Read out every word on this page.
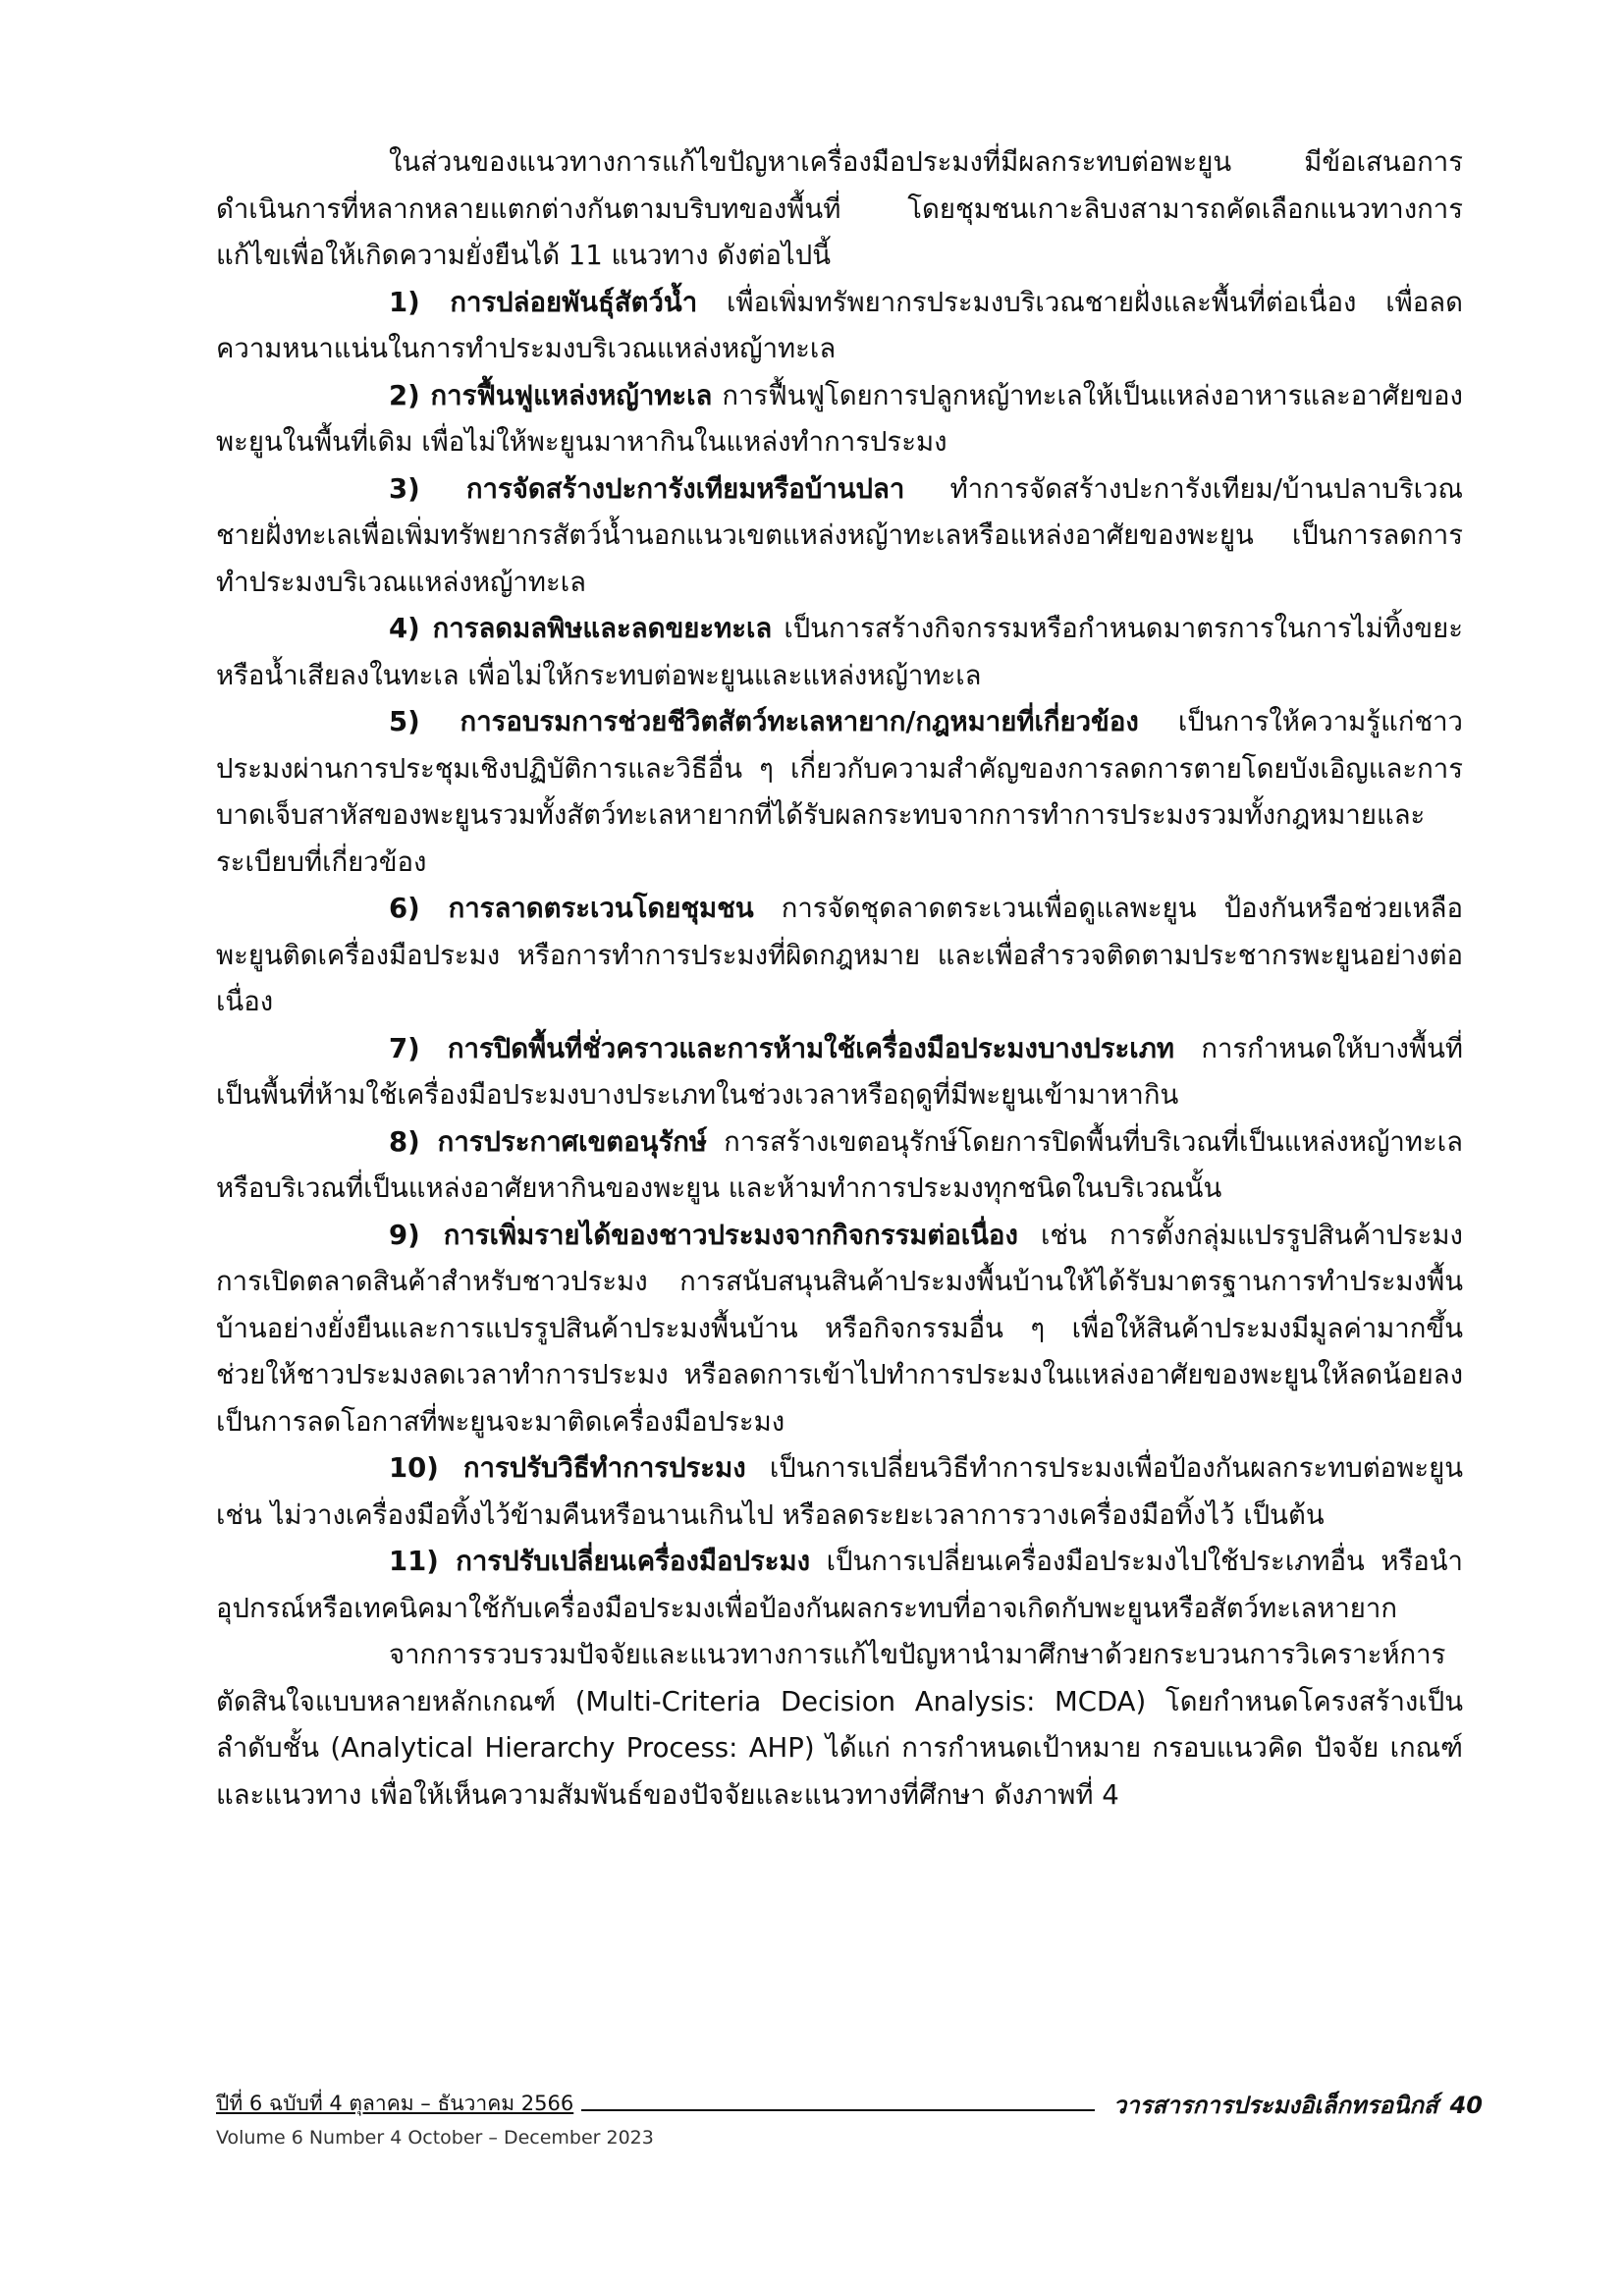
ในส่วนของแนวทางการแก้ไขปัญหาเครื่องมือประมงที่มีผลกระทบต่อพะยูน มีข้อเสนอการดำเนินการที่หลากหลายแตกต่างกันตามบริบทของพื้นที่ โดยชุมชนเกาะลิบงสามารถคัดเลือกแนวทางการแก้ไขเพื่อให้เกิดความยั่งยืนได้ 11 แนวทาง ดังต่อไปนี้

1) การปล่อยพันธุ์สัตว์น้ำ เพื่อเพิ่มทรัพยากรประมงบริเวณชายฝั่งและพื้นที่ต่อเนื่อง เพื่อลดความหนาแน่นในการทำประมงบริเวณแหล่งหญ้าทะเล

2) การฟื้นฟูแหล่งหญ้าทะเล การฟื้นฟูโดยการปลูกหญ้าทะเลให้เป็นแหล่งอาหารและอาศัยของพะยูนในพื้นที่เดิม เพื่อไม่ให้พะยูนมาหากินในแหล่งทำการประมง

3) การจัดสร้างปะการังเทียมหรือบ้านปลา ทำการจัดสร้างปะการังเทียม/บ้านปลาบริเวณชายฝั่งทะเลเพื่อเพิ่มทรัพยากรสัตว์น้ำนอกแนวเขตแหล่งหญ้าทะเลหรือแหล่งอาศัยของพะยูน เป็นการลดการทำประมงบริเวณแหล่งหญ้าทะเล

4) การลดมลพิษและลดขยะทะเล เป็นการสร้างกิจกรรมหรือกำหนดมาตรการในการไม่ทิ้งขยะหรือน้ำเสียลงในทะเล เพื่อไม่ให้กระทบต่อพะยูนและแหล่งหญ้าทะเล

5) การอบรมการช่วยชีวิตสัตว์ทะเลหายาก/กฎหมายที่เกี่ยวข้อง เป็นการให้ความรู้แก่ชาวประมงผ่านการประชุมเชิงปฏิบัติการและวิธีอื่น ๆ เกี่ยวกับความสำคัญของการลดการตายโดยบังเอิญและการบาดเจ็บสาหัสของพะยูนรวมทั้งสัตว์ทะเลหายากที่ได้รับผลกระทบจากการทำการประมงรวมทั้งกฎหมายและระเบียบที่เกี่ยวข้อง

6) การลาดตระเวนโดยชุมชน การจัดชุดลาดตระเวนเพื่อดูแลพะยูน ป้องกันหรือช่วยเหลือพะยูนติดเครื่องมือประมง หรือการทำการประมงที่ผิดกฎหมาย และเพื่อสำรวจติดตามประชากรพะยูนอย่างต่อเนื่อง

7) การปิดพื้นที่ชั่วคราวและการห้ามใช้เครื่องมือประมงบางประเภท การกำหนดให้บางพื้นที่เป็นพื้นที่ห้ามใช้เครื่องมือประมงบางประเภทในช่วงเวลาหรือฤดูที่มีพะยูนเข้ามาหากิน

8) การประกาศเขตอนุรักษ์ การสร้างเขตอนุรักษ์โดยการปิดพื้นที่บริเวณที่เป็นแหล่งหญ้าทะเลหรือบริเวณที่เป็นแหล่งอาศัยหากินของพะยูน และห้ามทำการประมงทุกชนิดในบริเวณนั้น

9) การเพิ่มรายได้ของชาวประมงจากกิจกรรมต่อเนื่อง เช่น การตั้งกลุ่มแปรรูปสินค้าประมง การเปิดตลาดสินค้าสำหรับชาวประมง การสนับสนุนสินค้าประมงพื้นบ้านให้ได้รับมาตรฐานการทำประมงพื้นบ้านอย่างยั่งยืนและการแปรรูปสินค้าประมงพื้นบ้าน หรือกิจกรรมอื่น ๆ เพื่อให้สินค้าประมงมีมูลค่ามากขึ้น ช่วยให้ชาวประมงลดเวลาทำการประมง หรือลดการเข้าไปทำการประมงในแหล่งอาศัยของพะยูนให้ลดน้อยลง เป็นการลดโอกาสที่พะยูนจะมาติดเครื่องมือประมง

10) การปรับวิธีทำการประมง เป็นการเปลี่ยนวิธีทำการประมงเพื่อป้องกันผลกระทบต่อพะยูน เช่น ไม่วางเครื่องมือทิ้งไว้ข้ามคืนหรือนานเกินไป หรือลดระยะเวลาการวางเครื่องมือทิ้งไว้ เป็นต้น

11) การปรับเปลี่ยนเครื่องมือประมง เป็นการเปลี่ยนเครื่องมือประมงไปใช้ประเภทอื่น หรือนำอุปกรณ์หรือเทคนิคมาใช้กับเครื่องมือประมงเพื่อป้องกันผลกระทบที่อาจเกิดกับพะยูนหรือสัตว์ทะเลหายาก

จากการรวบรวมปัจจัยและแนวทางการแก้ไขปัญหานำมาศึกษาด้วยกระบวนการวิเคราะห์การตัดสินใจแบบหลายหลักเกณฑ์ (Multi-Criteria Decision Analysis: MCDA) โดยกำหนดโครงสร้างเป็นลำดับชั้น (Analytical Hierarchy Process: AHP) ได้แก่ การกำหนดเป้าหมาย กรอบแนวคิด ปัจจัย เกณฑ์ และแนวทาง เพื่อให้เห็นความสัมพันธ์ของปัจจัยและแนวทางที่ศึกษา ดังภาพที่ 4

ปีที่ 6 ฉบับที่ 4 ตุลาคม – ธันวาคม 2566	วารสารการประมงอิเล็กทรอนิกส์ 40
Volume 6 Number 4 October – December 2023
